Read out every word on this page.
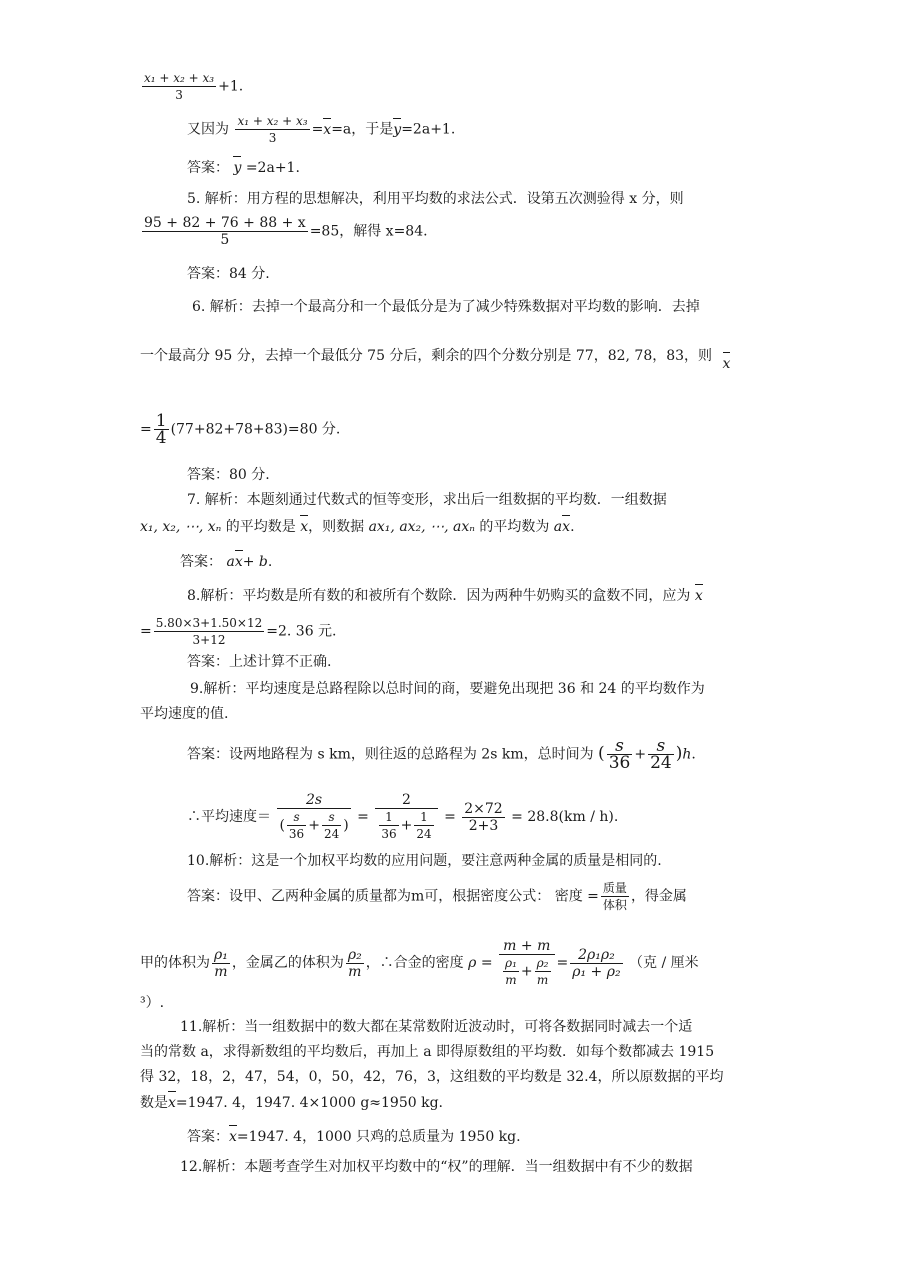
$\frac{\text{x₁ + x₂ + x₃}}{3} +1$.
又因为 $\frac{\text{x₁ + x₂ + x₃}}{3} =x=a$，于是y=2a+1.
答案： y =2a+1.
5. 解析：用方程的思想解决，利用平均数的求法公式．设第五次测验得 x 分，则
$\frac{95 + 82 + 76 + 88 + x}{5} =85$，解得 x=84.
答案：84 分.
6. 解析：去掉一个最高分和一个最低分是为了减少特殊数据对平均数的影响．去掉
一个最高分 95 分，去掉一个最低分 75 分后，剩余的四个分数分别是 77，82, 78，83，则 x
= $\frac{1}{4} (77+82+78+83)=80$ 分.
答案：80 分.
7. 解析：本题刻通过代数式的恒等变形，求出后一组数据的平均数．一组数据
x₁, x₂, ⋯, xₙ 的平均数是 x，则数据 ax₁, ax₂, ⋯, axₙ 的平均数为 ax.
答案： ax+ b.
8.解析：平均数是所有数的和被所有个数除．因为两种牛奶购买的盒数不同，应为 x
= $\frac{5.80\times 3+1.50\times 12}{3+12} =2$. 36 元.
答案：上述计算不正确.
9.解析：平均速度是总路程除以总时间的商，要避免出现把 36 和 24 的平均数作为
平均速度的值.
答案：设两地路程为 s km，则往返的总路程为 2s km，总时间为 ( $\frac{s}{36} + \frac{s}{24} )h$.
∴平均速度＝ $\frac{2s}{( \frac{s}{36} + \frac{s}{24} )} = \frac{2}{\frac{1}{36} + \frac{1}{24}} = \frac{2\times 72}{2+3} = 28.8(km / h)$.
10.解析：这是一个加权平均数的应用问题，要注意两种金属的质量是相同的.
答案：设甲、乙两种金属的质量都为m可，根据密度公式： 密度 = $\frac{\text{质量}}{\text{体积}}$ ，得金属
甲的体积为 $\frac{\text{ρ₁}}{m}$ ，金属乙的体积为 $\frac{\text{ρ₂}}{m}$ ，∴合金的密度 $\rho = \frac{m + m}{\frac{\text{ρ₁}}{m} + \frac{\text{ρ₂}}{m}} = \frac{\text{2ρ₁ρ₂}}{\text{ρ₁ + ρ₂}}$ （克 / 厘米
³）.
11.解析：当一组数据中的数大都在某常数附近波动时，可将各数据同时减去一个适
当的常数 a，求得新数组的平均数后，再加上 a 即得原数组的平均数．如每个数都减去 1915
得 32，18，2，47，54，0，50，42，76，3，这组数的平均数是 32.4，所以原数据的平均
数是x=1947. 4，1947. 4×1000 g≈1950 kg.
答案：x=1947. 4，1000 只鸡的总质量为 1950 kg.
12.解析：本题考查学生对加权平均数中的“权”的理解．当一组数据中有不少的数据
